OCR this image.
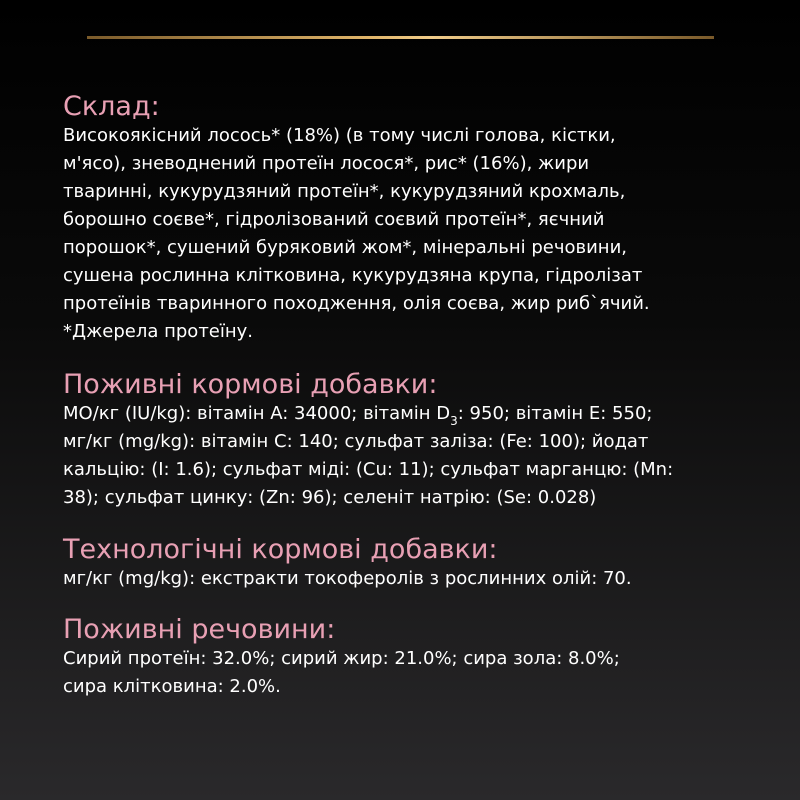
Склад:
Високоякісний лосось* (18%) (в тому числі голова, кістки,
м'ясо), зневоднений протеїн лосося*, рис* (16%), жири
тваринні, кукурудзяний протеїн*, кукурудзяний крохмаль,
борошно соєве*, гідролізований соєвий протеїн*, яєчний
порошок*, сушений буряковий жом*, мінеральні речовини,
сушена рослинна клітковина, кукурудзяна крупа, гідролізат
протеїнів тваринного походження, олія соєва, жир риб`ячий.
*Джерела протеїну.
Поживні кормові добавки:
МО/кг (IU/kg): вітамін A: 34000; вітамін $D_3$: 950; вітамін E: 550;
мг/кг (mg/kg): вітамін C: 140; сульфат заліза: (Fe: 100); йодат
кальцію: (I: 1.6); сульфат міді: (Cu: 11); сульфат марганцю: (Mn:
38); сульфат цинку: (Zn: 96); селеніт натрію: (Se: 0.028)
Технологічні кормові добавки:
мг/кг (mg/kg): екстракти токоферолів з рослинних олій: 70.
Поживні речовини:
Сирий протеїн: 32.0%; сирий жир: 21.0%; сира зола: 8.0%;
сира клітковина: 2.0%.
